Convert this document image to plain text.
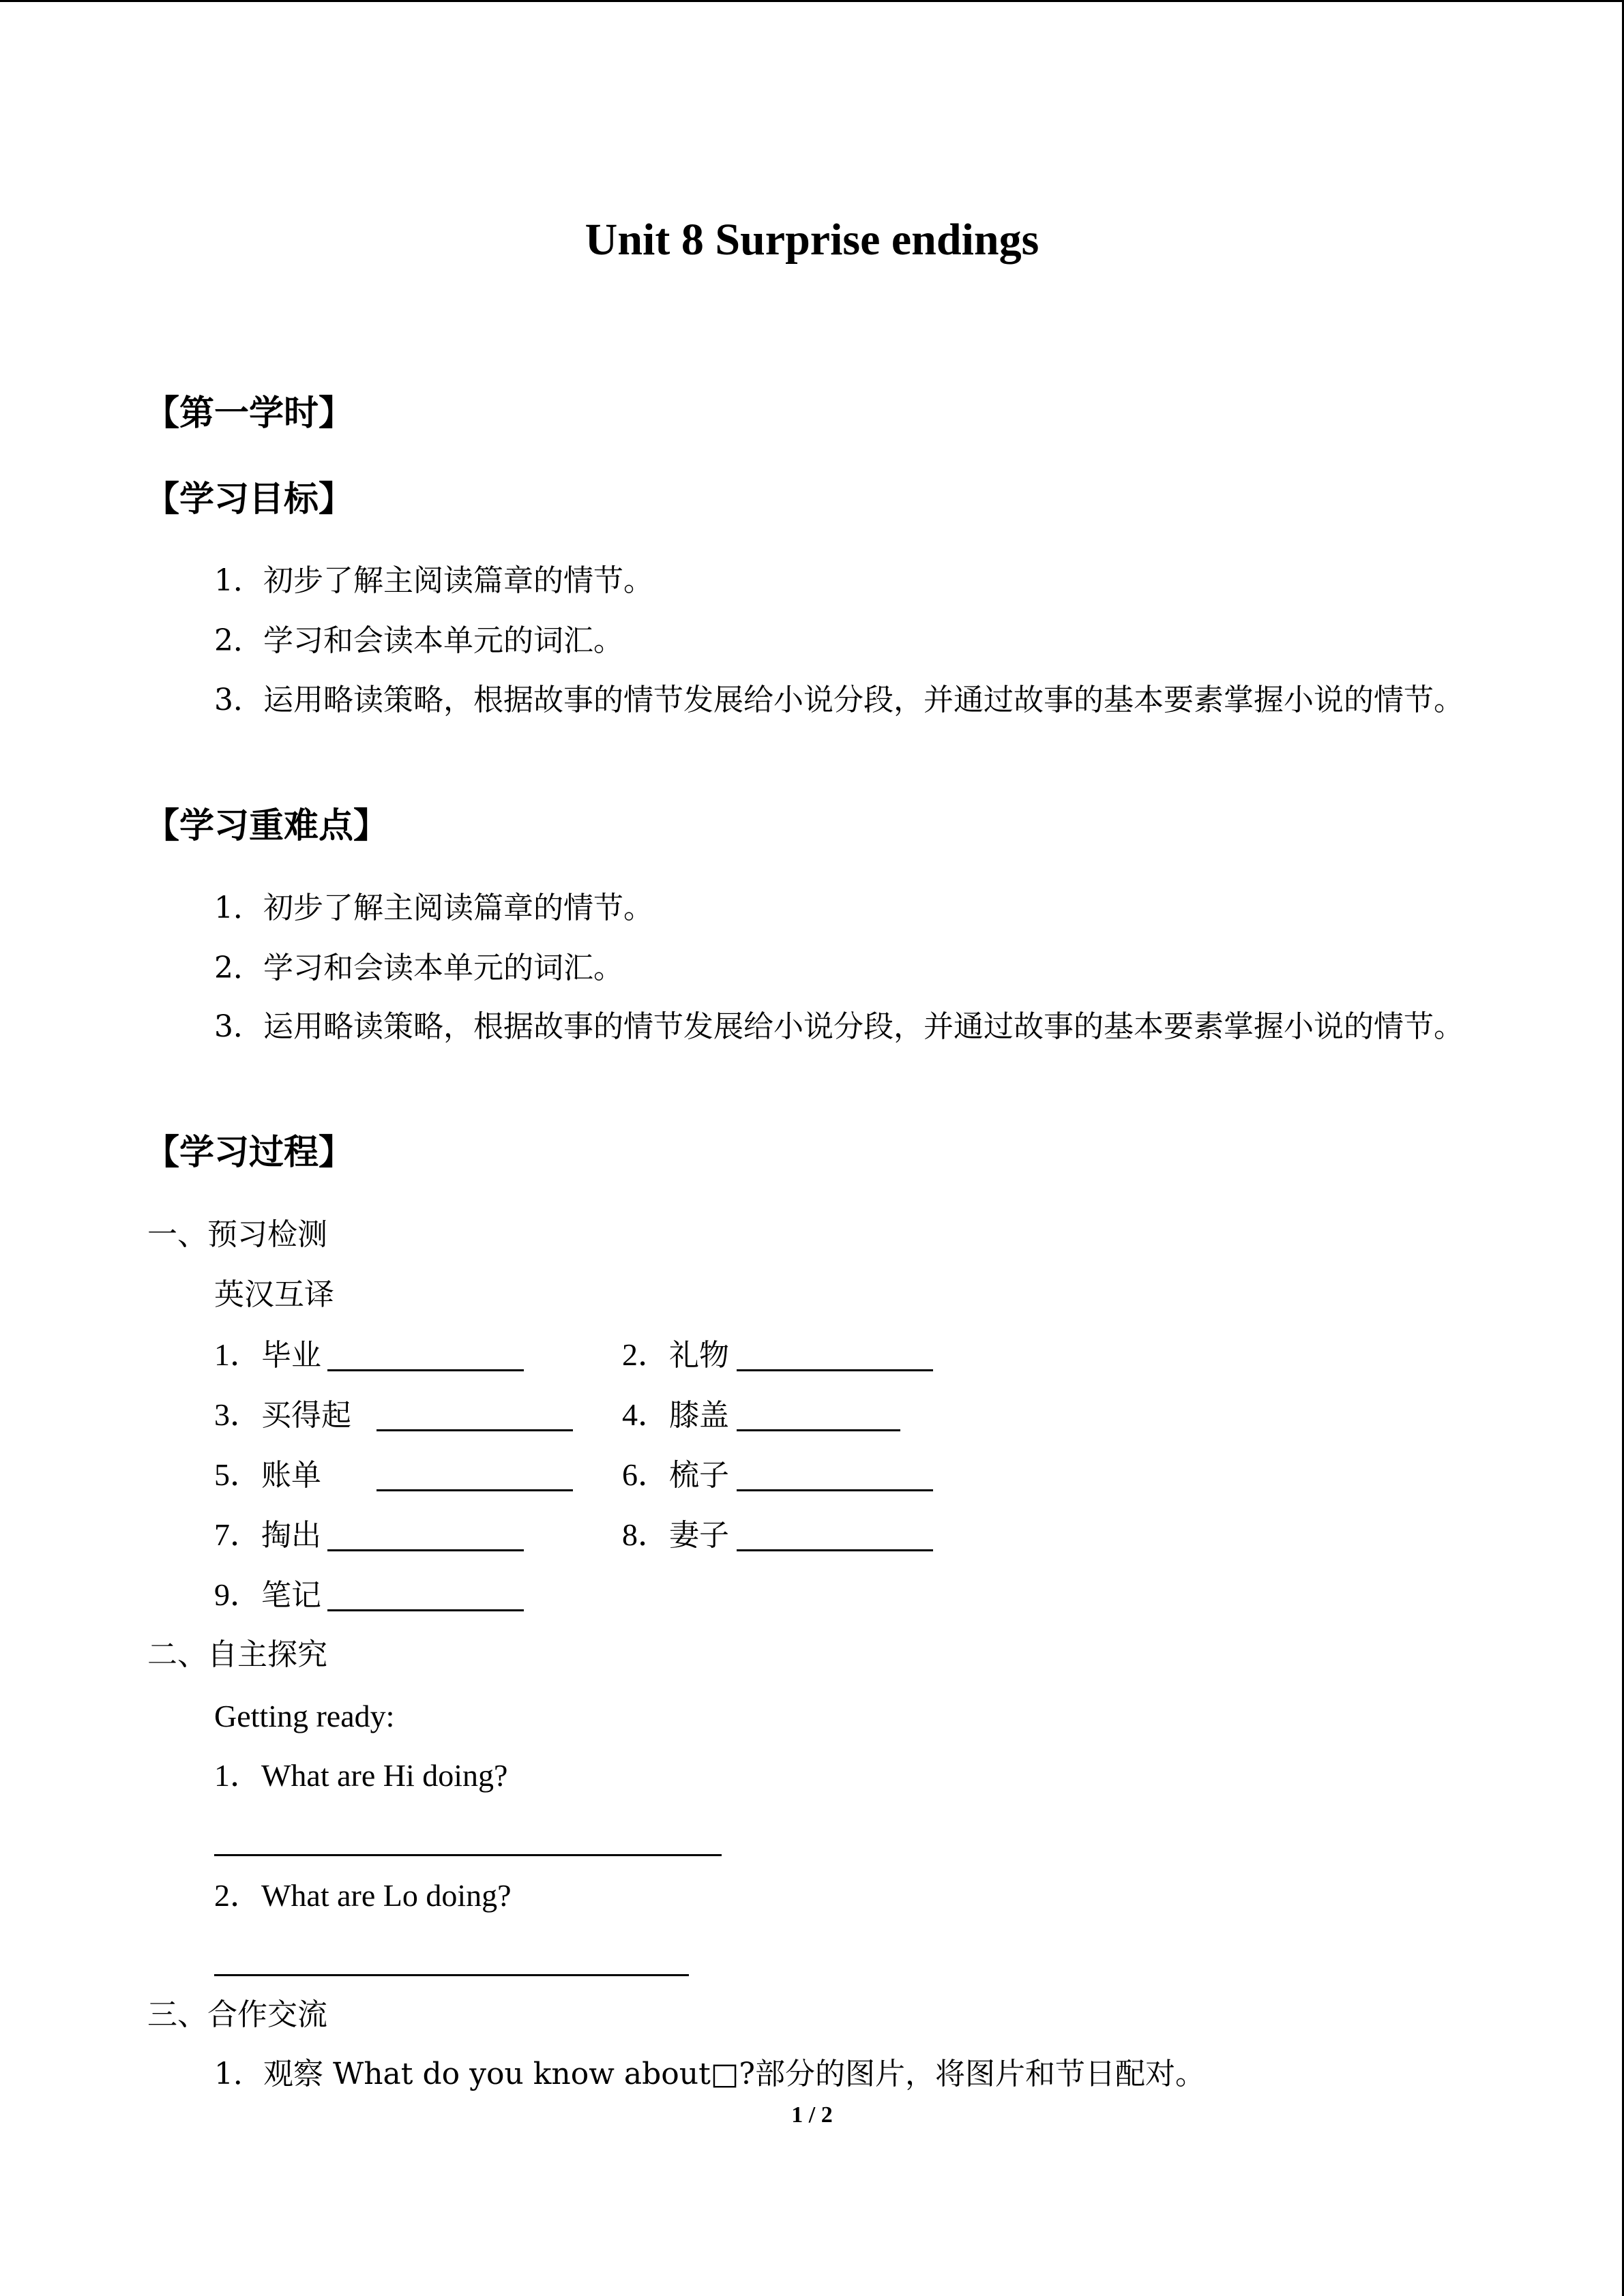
Unit 8 Surprise endings
【第一学时】
【学习目标】
1．初步了解主阅读篇章的情节。
2．学习和会读本单元的词汇。
3．运用略读策略，根据故事的情节发展给小说分段，并通过故事的基本要素掌握小说的情节。
【学习重难点】
1．初步了解主阅读篇章的情节。
2．学习和会读本单元的词汇。
3．运用略读策略，根据故事的情节发展给小说分段，并通过故事的基本要素掌握小说的情节。
【学习过程】
一、预习检测
英汉互译
1．毕业	2．礼物
3．买得起	4．膝盖
5．账单	6．梳子
7．掏出	8．妻子
9．笔记
二、自主探究
Getting ready:
1．What are Hi doing?
2．What are Lo doing?
三、合作交流
1．观察 What do you know about□?部分的图片，将图片和节日配对。
1 / 2
